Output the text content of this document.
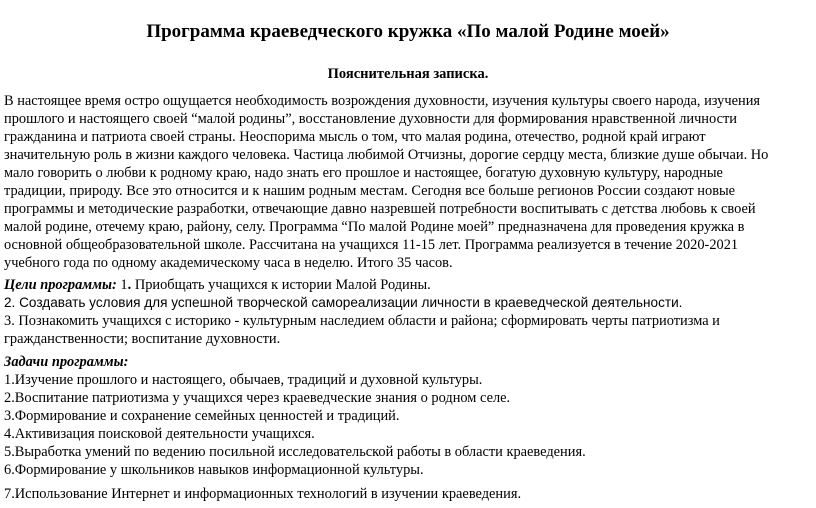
Программа краеведческого кружка «По малой Родине моей»
Пояснительная записка.
В настоящее время остро ощущается необходимость возрождения духовности, изучения культуры своего народа, изучения
прошлого и настоящего своей “малой родины”, восстановление духовности для формирования нравственной личности
гражданина и патриота своей страны. Неоспорима мысль о том, что малая родина, отечество, родной край играют
значительную роль в жизни каждого человека. Частица любимой Отчизны, дорогие сердцу места, близкие душе обычаи. Но
мало говорить о любви к родному краю, надо знать его прошлое и настоящее, богатую духовную культуру, народные
традиции, природу. Все это относится и к нашим родным местам. Сегодня все больше регионов России создают новые
программы и методические разработки, отвечающие давно назревшей потребности воспитывать с детства любовь к своей
малой родине, отечему краю, району, селу. Программа “По малой Родине моей” предназначена для проведения кружка в
основной общеобразовательной школе. Рассчитана на учащихся 11-15 лет. Программа реализуется в течение 2020-2021
учебного года по одному академическому часа в неделю. Итого 35 часов.
Цели программы: 1. Приобщать учащихся к истории Малой Родины.
2. Создавать условия для успешной творческой самореализации личности в краеведческой деятельности.
3. Познакомить учащихся с историко - культурным наследием области и района; сформировать черты патриотизма и
гражданственности; воспитание духовности.
Задачи программы:
1.Изучение прошлого и настоящего, обычаев, традиций и духовной культуры.
2.Воспитание патриотизма у учащихся через краеведческие знания о родном селе.
3.Формирование и сохранение семейных ценностей и традиций.
4.Активизация поисковой деятельности учащихся.
5.Выработка умений по ведению посильной исследовательской работы в области краеведения.
6.Формирование у школьников навыков информационной культуры.
7.Использование Интернет и информационных технологий в изучении краеведения.
